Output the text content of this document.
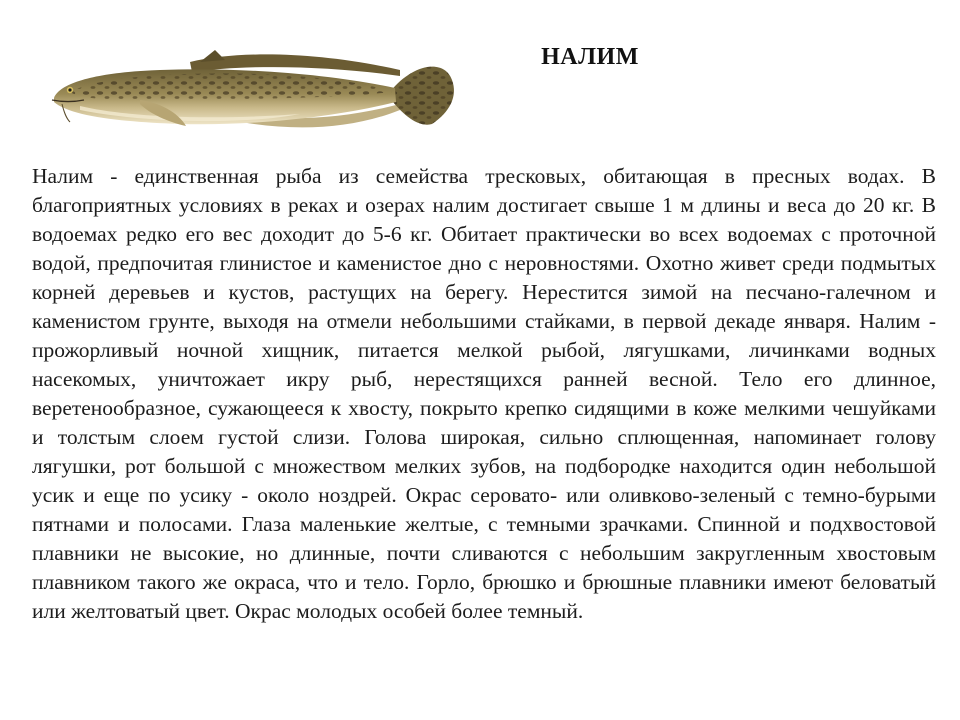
НАЛИМ

Налим - единственная рыба из семейства тресковых, обитающая в пресных водах. В благоприятных условиях в реках и озерах налим достигает свыше 1 м длины и веса до 20 кг. В водоемах редко его вес доходит до 5-6 кг. Обитает практически во всех водоемах с проточной водой, предпочитая глинистое и каменистое дно с неровностями. Охотно живет среди подмытых корней деревьев и кустов, растущих на берегу. Нерестится зимой на песчано-галечном и каменистом грунте, выходя на отмели небольшими стайками, в первой декаде января. Налим - прожорливый ночной хищник, питается мелкой рыбой, лягушками, личинками водных насекомых, уничтожает икру рыб, нерестящихся ранней весной. Тело его длинное, веретенообразное, сужающееся к хвосту, покрыто крепко сидящими в коже мелкими чешуйками и толстым слоем густой слизи. Голова широкая, сильно сплющенная, напоминает голову лягушки, рот большой с множеством мелких зубов, на подбородке находится один небольшой усик и еще по усику - около ноздрей. Окрас серовато- или оливково-зеленый с темно-бурыми пятнами и полосами. Глаза маленькие желтые, с темными зрачками. Спинной и подхвостовой плавники не высокие, но длинные, почти сливаются с небольшим закругленным хвостовым плавником такого же окраса, что и тело. Горло, брюшко и брюшные плавники имеют беловатый или желтоватый цвет. Окрас молодых особей более темный.
